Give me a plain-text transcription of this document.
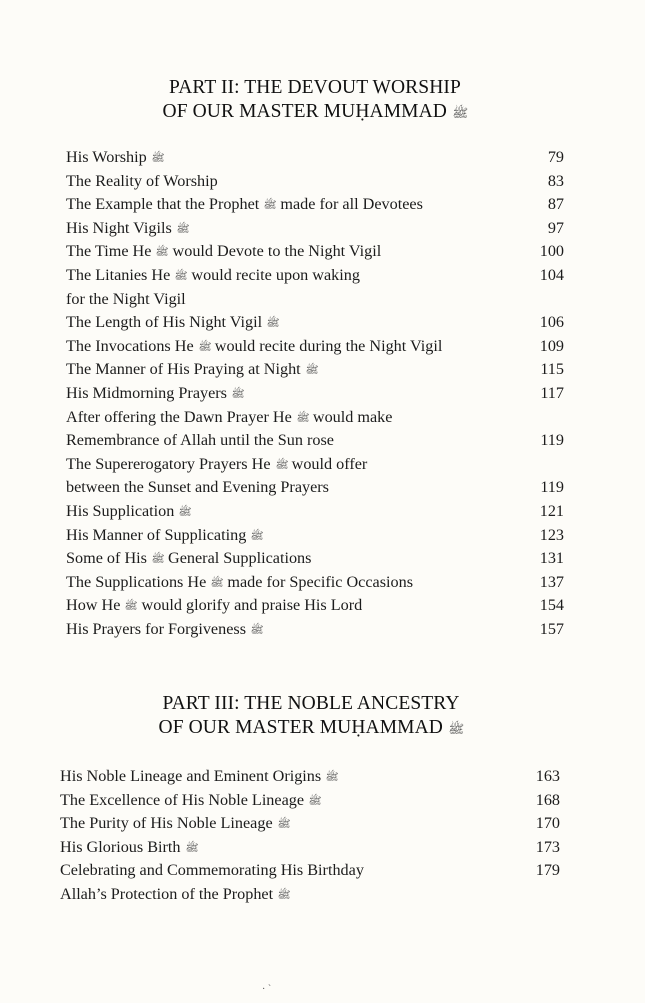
PART II: THE DEVOUT WORSHIP
OF OUR MASTER MUḤAMMAD ﷺ
His Worship ﷺ	79
The Reality of Worship	83
The Example that the Prophet ﷺ made for all Devotees	87
His Night Vigils ﷺ	97
The Time He ﷺ would Devote to the Night Vigil	100
The Litanies He ﷺ would recite upon waking	104
for the Night Vigil
The Length of His Night Vigil ﷺ	106
The Invocations He ﷺ would recite during the Night Vigil	109
The Manner of His Praying at Night ﷺ	115
His Midmorning Prayers ﷺ	117
After offering the Dawn Prayer He ﷺ would make
Remembrance of Allah until the Sun rose	119
The Supererogatory Prayers He ﷺ would offer
between the Sunset and Evening Prayers	119
His Supplication ﷺ	121
His Manner of Supplicating ﷺ	123
Some of His ﷺ General Supplications	131
The Supplications He ﷺ made for Specific Occasions	137
How He ﷺ would glorify and praise His Lord	154
His Prayers for Forgiveness ﷺ	157
PART III: THE NOBLE ANCESTRY
OF OUR MASTER MUḤAMMAD ﷺ
His Noble Lineage and Eminent Origins ﷺ	163
The Excellence of His Noble Lineage ﷺ	168
The Purity of His Noble Lineage ﷺ	170
His Glorious Birth ﷺ	173
Celebrating and Commemorating His Birthday	179
Allah’s Protection of the Prophet ﷺ
· ˋ
